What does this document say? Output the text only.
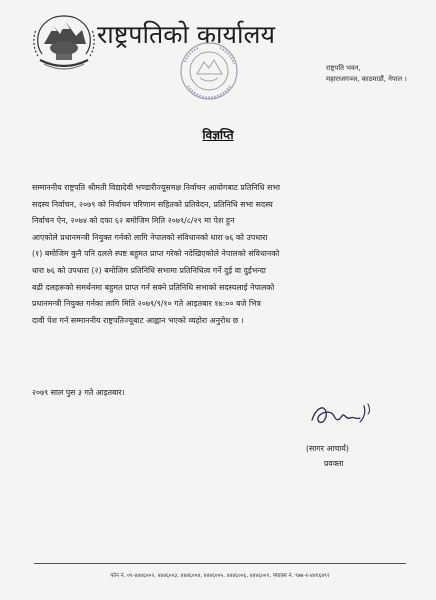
राष्ट्रपतिको कार्यालय
राष्ट्रपति भवन,
महाराजगञ्ज, काठमाडौं, नेपाल ।
विज्ञप्ति
सम्माननीय राष्ट्रपति श्रीमती विद्यादेवी भण्डारीज्यूसमक्ष निर्वाचन आयोगबाट प्रतिनिधि सभा
सदस्य निर्वाचन, २०७९ को निर्वाचन परिणाम सहितको प्रतिवेदन, प्रतिनिधि सभा सदस्य
निर्वाचन ऐन, २०७४ को दफा ६२ बमोजिम मिति २०७९/८/२९ मा पेश हुन
आएकोले प्रधानमन्त्री नियुक्त गर्नको लागि नेपालको संविधानको धारा ७६ को उपधारा
(१) बमोजिम कुनै पनि दलले स्पष्ट बहुमत प्राप्त गरेको नदेखिएकोले नेपालको संविधानको
धारा ७६ को उपधारा (२) बमोजिम प्रतिनिधि सभामा प्रतिनिधित्व गर्ने दुई वा दुईभन्दा
बढी दलहरूको समर्थनमा बहुमत प्राप्त गर्न सक्ने प्रतिनिधि सभाको सदस्यलाई नेपालको
प्रधानमन्त्री नियुक्त गर्नका लागि मिति २०७९/९/१० गते आइतबार १७:०० बजे भित्र
दावी पेश गर्न सम्माननीय राष्ट्रपतिज्यूबाट आह्वान भएको व्यहोरा अनुरोध छ ।
२०७९ साल पुस ३ गते आइतबार।
(सागर आचार्य)
प्रवक्ता
फोन नं. ०१-४४४६००२, ४४४६००३, ४४४६००४, ४४४६००५, ४४४६००६, ४४४६००९, फ्याक्स नं. ९७७-१-४४१६४९२
